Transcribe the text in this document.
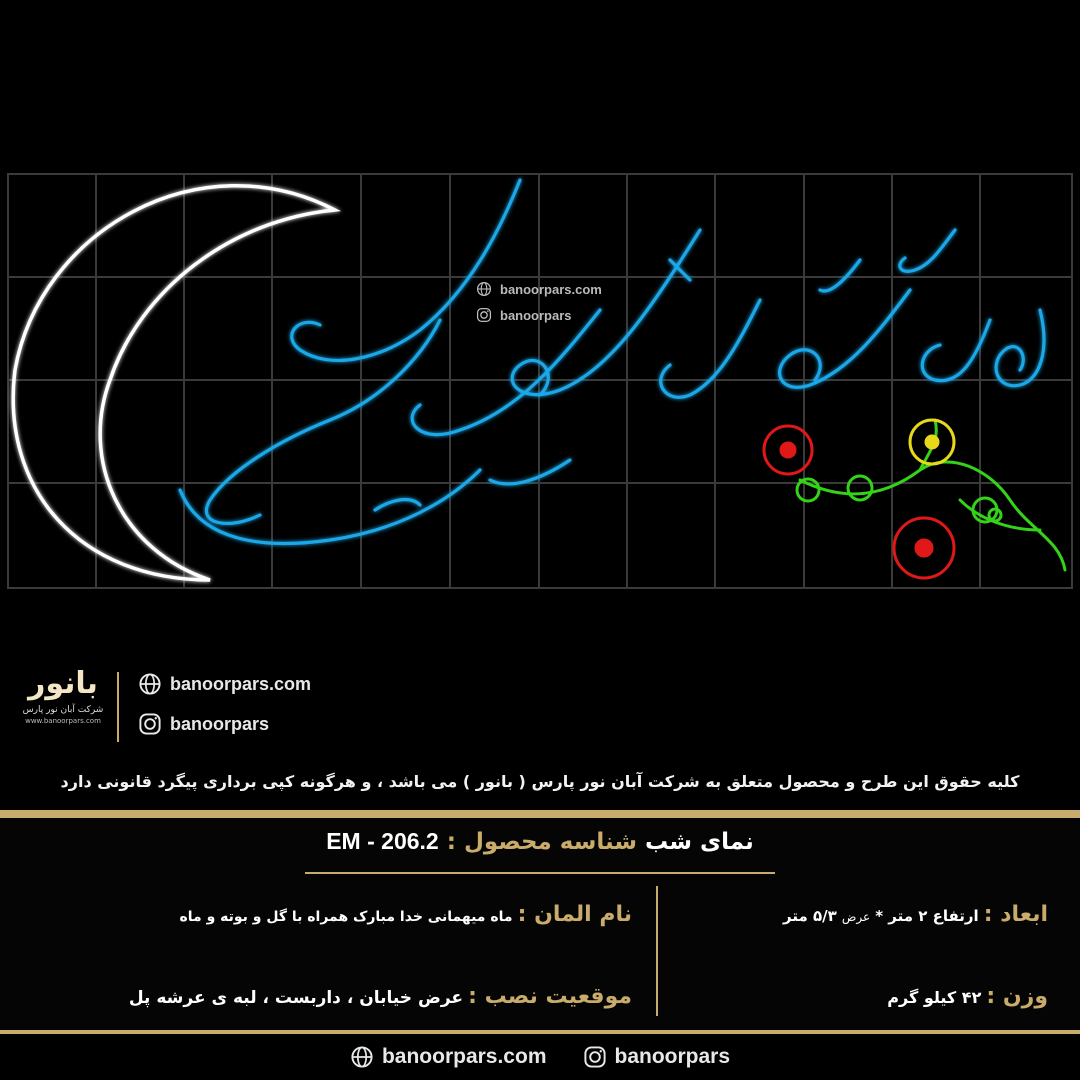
banoorpars.com
banoorpars
بانور
شرکت آبان نور پارس
www.banoorpars.com
banoorpars.com
banoorpars
کلیه حقوق این طرح و محصول متعلق به شرکت آبان نور پارس ( بانور ) می باشد ، و هرگونه کپی برداری پیگرد قانونی دارد
نمای شب شناسه محصول : EM - 206.2
ابعاد : ارتفاع ۲ متر * عرض ۵/۳ متر
وزن : ۴۲ کیلو گرم
نام المان : ماه میهمانی خدا مبارک همراه با گل و بوته و ماه
موقعیت نصب : عرض خیابان ، داربست ، لبه ی عرشه پل
banoorpars.com	banoorpars
